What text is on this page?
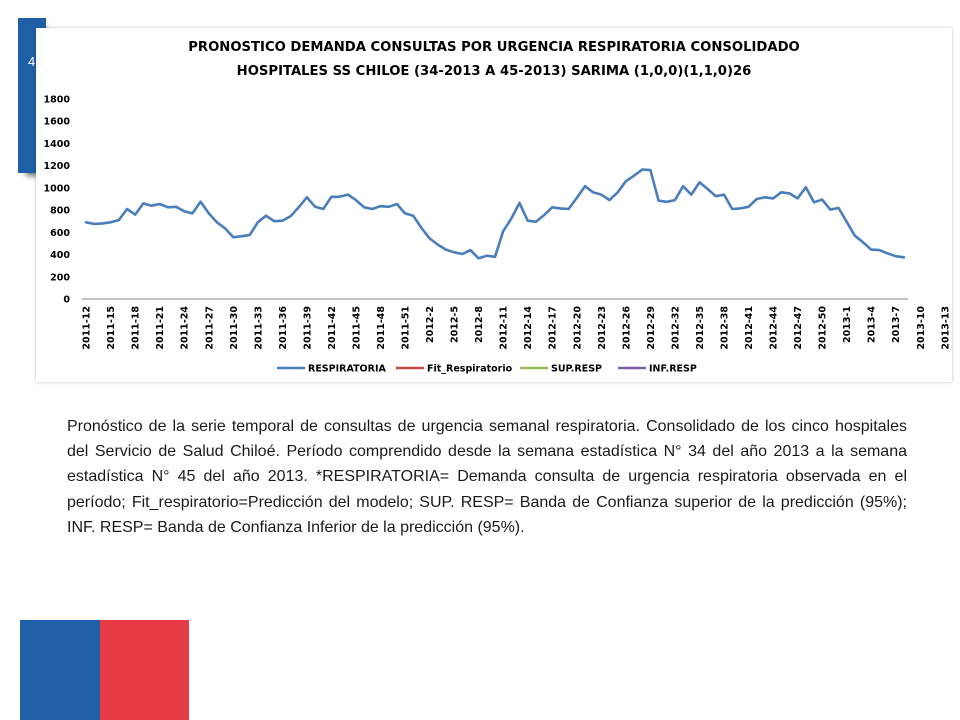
4
PRONOSTICO DEMANDA CONSULTAS POR URGENCIA RESPIRATORIA CONSOLIDADO
HOSPITALES SS CHILOE (34-2013 A 45-2013) SARIMA (1,0,0)(1,1,0)26
0
200
400
600
800
1000
1200
1400
1600
1800
2011-12 2011-15 2011-18 2011-21 2011-24 2011-27 2011-30 2011-33 2011-36 2011-39 2011-42 2011-45 2011-48 2011-51 2012-2 2012-5 2012-8 2012-11 2012-14 2012-17 2012-20 2012-23 2012-26 2012-29 2012-32 2012-35 2012-38 2012-41 2012-44 2012-47 2012-50 2013-1 2013-4 2013-7 2013-10 2013-13
RESPIRATORIA	Fit_Respiratorio	SUP.RESP	INF.RESP
Pronóstico de la serie temporal de consultas de urgencia semanal respiratoria. Consolidado de los cinco hospitales del Servicio de Salud Chiloé. Período comprendido desde la semana estadística N° 34 del año 2013 a la semana estadística N° 45 del año 2013. *RESPIRATORIA= Demanda consulta de urgencia respiratoria observada en el período; Fit_respiratorio=Predicción del modelo; SUP. RESP= Banda de Confianza superior de la predicción (95%); INF. RESP= Banda de Confianza Inferior de la predicción (95%).
